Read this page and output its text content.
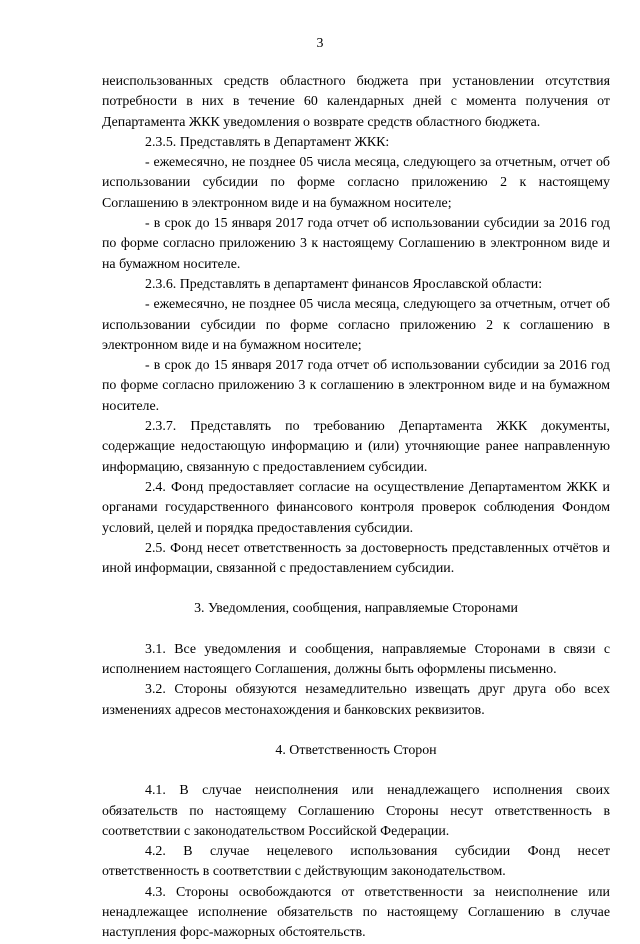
3

неиспользованных средств областного бюджета при установлении отсутствия потребности в них в течение 60 календарных дней с момента получения от Департамента ЖКК уведомления о возврате средств областного бюджета.

2.3.5. Представлять в Департамент ЖКК:

- ежемесячно, не позднее 05 числа месяца, следующего за отчетным, отчет об использовании субсидии по форме согласно приложению 2 к настоящему Соглашению в электронном виде и на бумажном носителе;

- в срок до 15 января 2017 года отчет об использовании субсидии за 2016 год по форме согласно приложению 3 к настоящему Соглашению в электронном виде и на бумажном носителе.

2.3.6. Представлять в департамент финансов Ярославской области:

- ежемесячно, не позднее 05 числа месяца, следующего за отчетным, отчет об использовании субсидии по форме согласно приложению 2 к соглашению в электронном виде и на бумажном носителе;

- в срок до 15 января 2017 года отчет об использовании субсидии за 2016 год по форме согласно приложению 3 к соглашению в электронном виде и на бумажном носителе.

2.3.7. Представлять по требованию Департамента ЖКК документы, содержащие недостающую информацию и (или) уточняющие ранее направленную информацию, связанную с предоставлением субсидии.

2.4. Фонд предоставляет согласие на осуществление Департаментом ЖКК и органами государственного финансового контроля проверок соблюдения Фондом условий, целей и порядка предоставления субсидии.

2.5. Фонд несет ответственность за достоверность представленных отчётов и иной информации, связанной с предоставлением субсидии.

3. Уведомления, сообщения, направляемые Сторонами

3.1. Все уведомления и сообщения, направляемые Сторонами в связи с исполнением настоящего Соглашения, должны быть оформлены письменно.

3.2. Стороны обязуются незамедлительно извещать друг друга обо всех изменениях адресов местонахождения и банковских реквизитов.

4. Ответственность Сторон

4.1. В случае неисполнения или ненадлежащего исполнения своих обязательств по настоящему Соглашению Стороны несут ответственность в соответствии с законодательством Российской Федерации.

4.2. В случае нецелевого использования субсидии Фонд несет ответственность в соответствии с действующим законодательством.

4.3. Стороны освобождаются от ответственности за неисполнение или ненадлежащее исполнение обязательств по настоящему Соглашению в случае наступления форс-мажорных обстоятельств.
